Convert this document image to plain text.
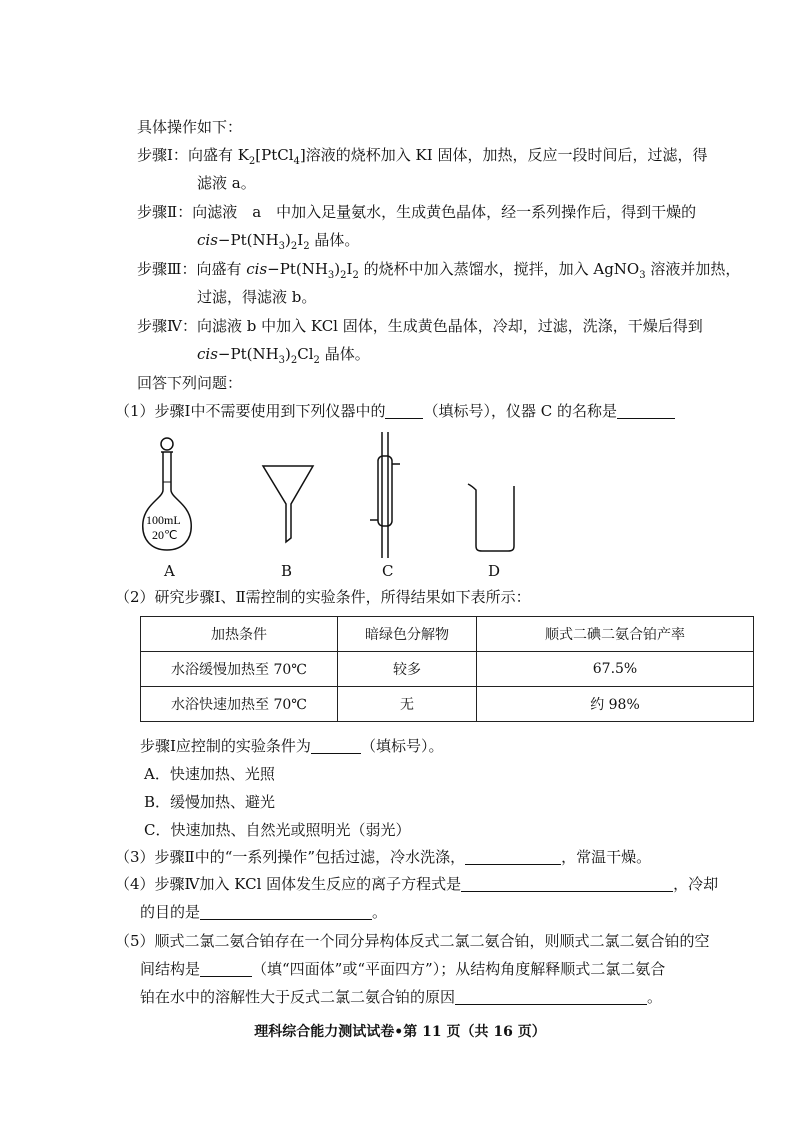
具体操作如下：
步骤Ⅰ：向盛有 $K_2[PtCl_4]$溶液的烧杯加入 KI 固体，加热，反应一段时间后，过滤，得
滤液 a。
步骤Ⅱ：向滤液　a　中加入足量氨水，生成黄色晶体，经一系列操作后，得到干燥的
$cis-Pt(NH_3)_2I_2$ 晶体。
步骤Ⅲ：向盛有 $cis-Pt(NH_3)_2I_2$ 的烧杯中加入蒸馏水，搅拌，加入 AgNO$_3$ 溶液并加热，
过滤，得滤液 b。
步骤Ⅳ：向滤液 b 中加入 KCl 固体，生成黄色晶体，冷却，过滤，洗涤，干燥后得到
$cis-Pt(NH_3)_2Cl_2$ 晶体。
回答下列问题：
（1）步骤Ⅰ中不需要使用到下列仪器中的	（填标号），仪器 C 的名称是
100mL
20℃
A	B	C	D
（2）研究步骤Ⅰ、Ⅱ需控制的实验条件，所得结果如下表所示：
加热条件	暗绿色分解物	顺式二碘二氨合铂产率
水浴缓慢加热至 70℃	较多	67.5%
水浴快速加热至 70℃	无	约 98%
步骤Ⅰ应控制的实验条件为	（填标号）。
A．快速加热、光照
B．缓慢加热、避光
C．快速加热、自然光或照明光（弱光）
（3）步骤Ⅱ中的“一系列操作”包括过滤，冷水洗涤，	，常温干燥。
（4）步骤Ⅳ加入 KCl 固体发生反应的离子方程式是	，冷却
的目的是	。
（5）顺式二氯二氨合铂存在一个同分异构体反式二氯二氨合铂，则顺式二氯二氨合铂的空
间结构是	（填“四面体”或“平面四方”）；从结构角度解释顺式二氯二氨合
铂在水中的溶解性大于反式二氯二氨合铂的原因	。
理科综合能力测试试卷•第 11 页（共 16 页）
